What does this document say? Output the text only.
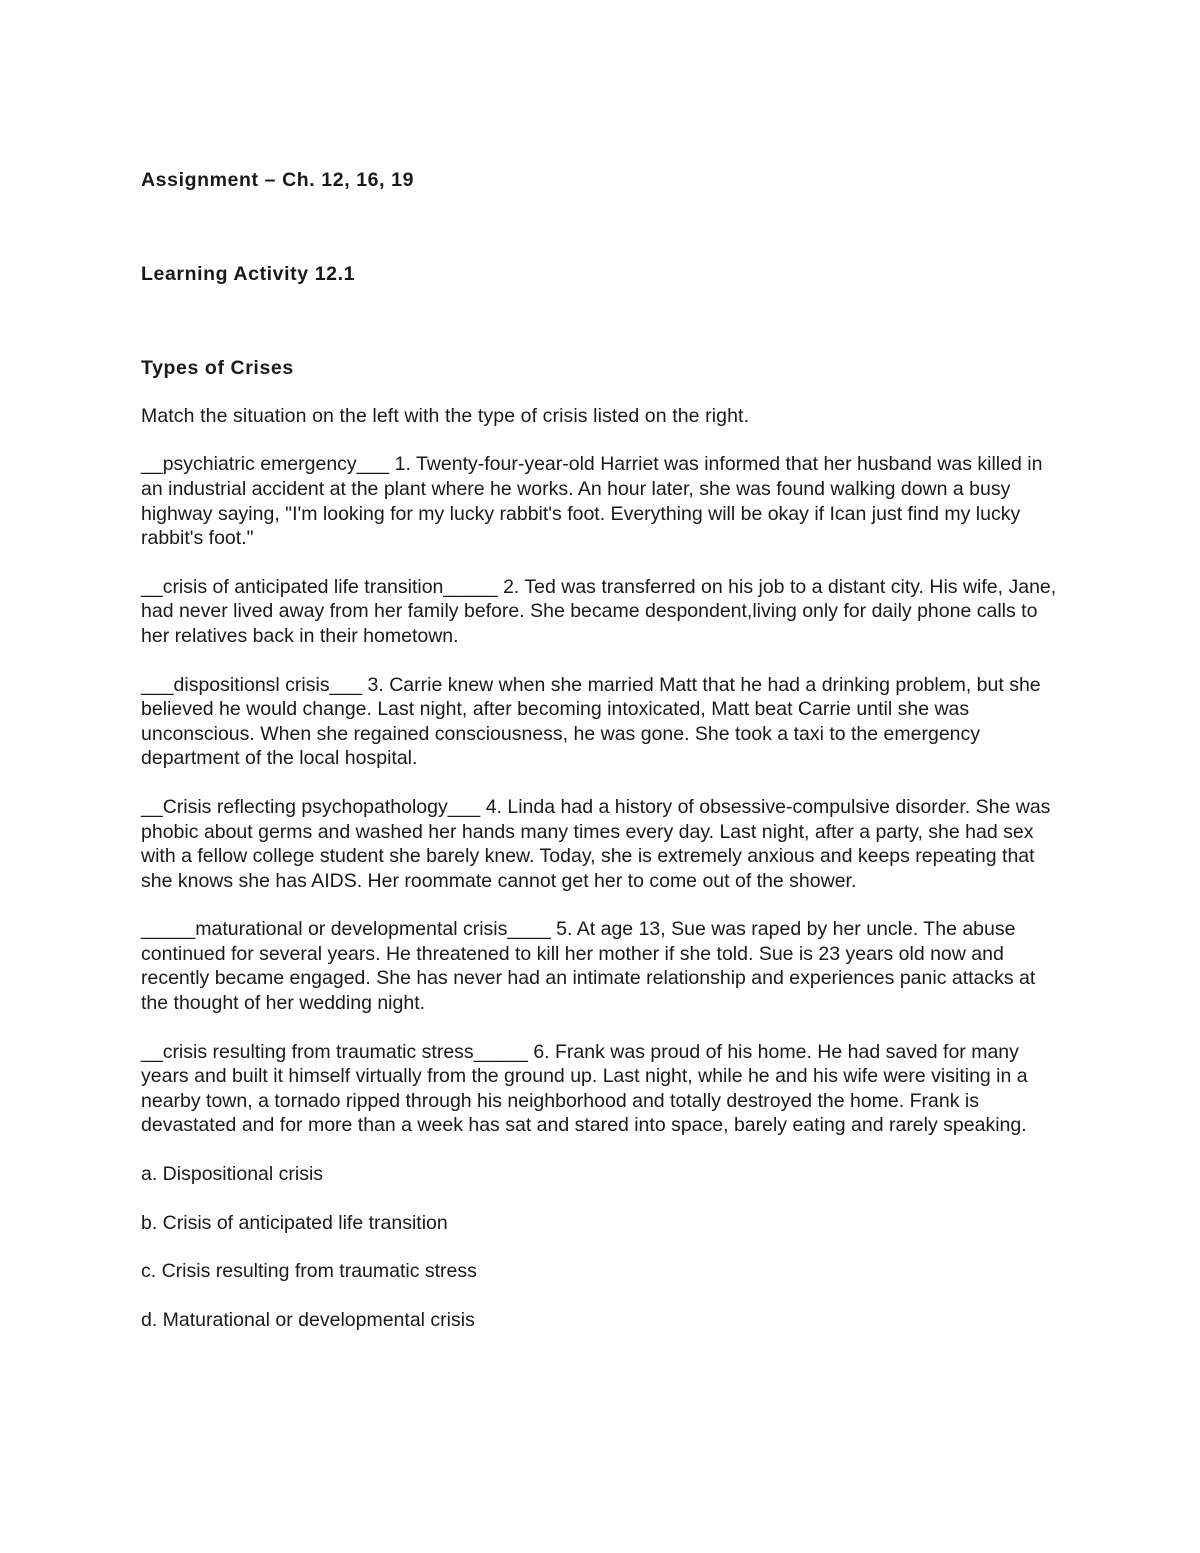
Assignment – Ch. 12, 16, 19

Learning Activity 12.1

Types of Crises

Match the situation on the left with the type of crisis listed on the right.

__psychiatric emergency___ 1. Twenty-four-year-old Harriet was informed that her husband was killed in an industrial accident at the plant where he works. An hour later, she was found walking down a busy highway saying, "I'm looking for my lucky rabbit's foot. Everything will be okay if Ican just find my lucky rabbit's foot."

__crisis of anticipated life transition_____ 2. Ted was transferred on his job to a distant city. His wife, Jane, had never lived away from her family before. She became despondent,living only for daily phone calls to her relatives back in their hometown.

___dispositionsl crisis___ 3. Carrie knew when she married Matt that he had a drinking problem, but she believed he would change. Last night, after becoming intoxicated, Matt beat Carrie until she was unconscious. When she regained consciousness, he was gone. She took a taxi to the emergency department of the local hospital.

__Crisis reflecting psychopathology___ 4. Linda had a history of obsessive-compulsive disorder. She was phobic about germs and washed her hands many times every day. Last night, after a party, she had sex with a fellow college student she barely knew. Today, she is extremely anxious and keeps repeating that she knows she has AIDS. Her roommate cannot get her to come out of the shower.

_____maturational or developmental crisis____ 5. At age 13, Sue was raped by her uncle. The abuse continued for several years. He threatened to kill her mother if she told. Sue is 23 years old now and recently became engaged. She has never had an intimate relationship and experiences panic attacks at the thought of her wedding night.

__crisis resulting from traumatic stress_____ 6. Frank was proud of his home. He had saved for many years and built it himself virtually from the ground up. Last night, while he and his wife were visiting in a nearby town, a tornado ripped through his neighborhood and totally destroyed the home. Frank is devastated and for more than a week has sat and stared into space, barely eating and rarely speaking.

a. Dispositional crisis

b. Crisis of anticipated life transition

c. Crisis resulting from traumatic stress

d. Maturational or developmental crisis
